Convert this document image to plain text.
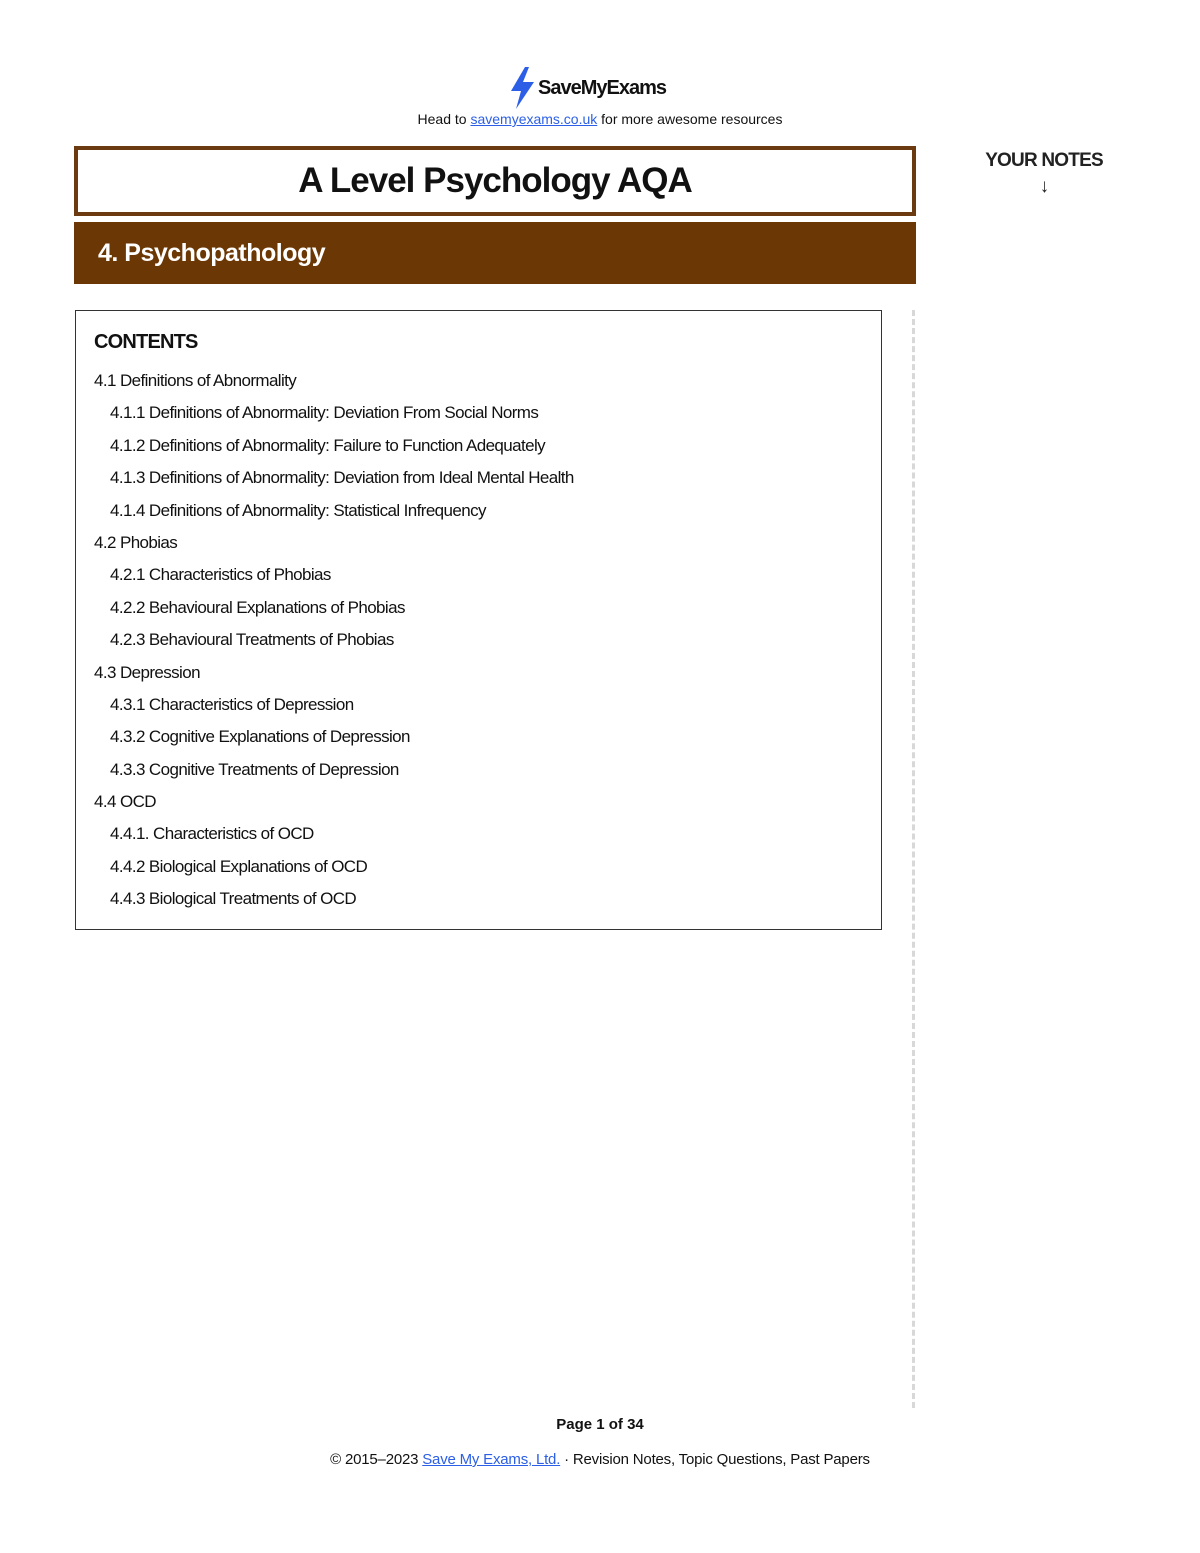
SaveMyExams
Head to savemyexams.co.uk for more awesome resources
A Level Psychology AQA
4. Psychopathology
YOUR NOTES
↓
CONTENTS
4.1 Definitions of Abnormality
4.1.1 Definitions of Abnormality: Deviation From Social Norms
4.1.2 Definitions of Abnormality: Failure to Function Adequately
4.1.3 Definitions of Abnormality: Deviation from Ideal Mental Health
4.1.4 Definitions of Abnormality: Statistical Infrequency
4.2 Phobias
4.2.1 Characteristics of Phobias
4.2.2 Behavioural Explanations of Phobias
4.2.3 Behavioural Treatments of Phobias
4.3 Depression
4.3.1 Characteristics of Depression
4.3.2 Cognitive Explanations of Depression
4.3.3 Cognitive Treatments of Depression
4.4 OCD
4.4.1. Characteristics of OCD
4.4.2 Biological Explanations of OCD
4.4.3 Biological Treatments of OCD
Page 1 of 34
© 2015–2023 Save My Exams, Ltd. · Revision Notes, Topic Questions, Past Papers
